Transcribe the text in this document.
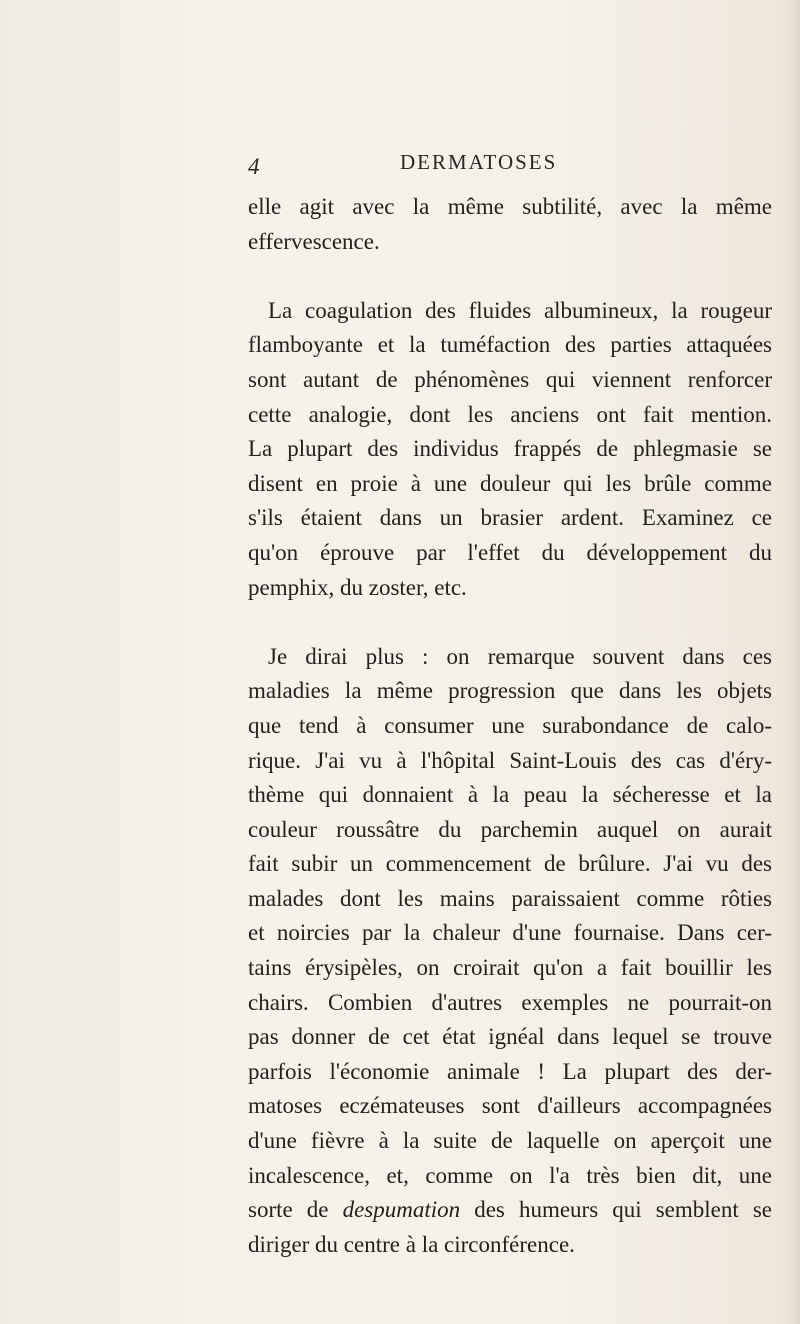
4	DERMATOSES
elle agit avec la même subtilité, avec la même
effervescence.
La coagulation des fluides albumineux, la rougeur
flamboyante et la tuméfaction des parties attaquées
sont autant de phénomènes qui viennent renforcer
cette analogie, dont les anciens ont fait mention.
La plupart des individus frappés de phlegmasie se
disent en proie à une douleur qui les brûle comme
s'ils étaient dans un brasier ardent. Examinez ce
qu'on éprouve par l'effet du développement du
pemphix, du zoster, etc.
Je dirai plus : on remarque souvent dans ces
maladies la même progression que dans les objets
que tend à consumer une surabondance de calo-
rique. J'ai vu à l'hôpital Saint-Louis des cas d'éry-
thème qui donnaient à la peau la sécheresse et la
couleur roussâtre du parchemin auquel on aurait
fait subir un commencement de brûlure. J'ai vu des
malades dont les mains paraissaient comme rôties
et noircies par la chaleur d'une fournaise. Dans cer-
tains érysipèles, on croirait qu'on a fait bouillir les
chairs. Combien d'autres exemples ne pourrait-on
pas donner de cet état ignéal dans lequel se trouve
parfois l'économie animale ! La plupart des der-
matoses eczémateuses sont d'ailleurs accompagnées
d'une fièvre à la suite de laquelle on aperçoit une
incalescence, et, comme on l'a très bien dit, une
sorte de despumation des humeurs qui semblent se
diriger du centre à la circonférence.
